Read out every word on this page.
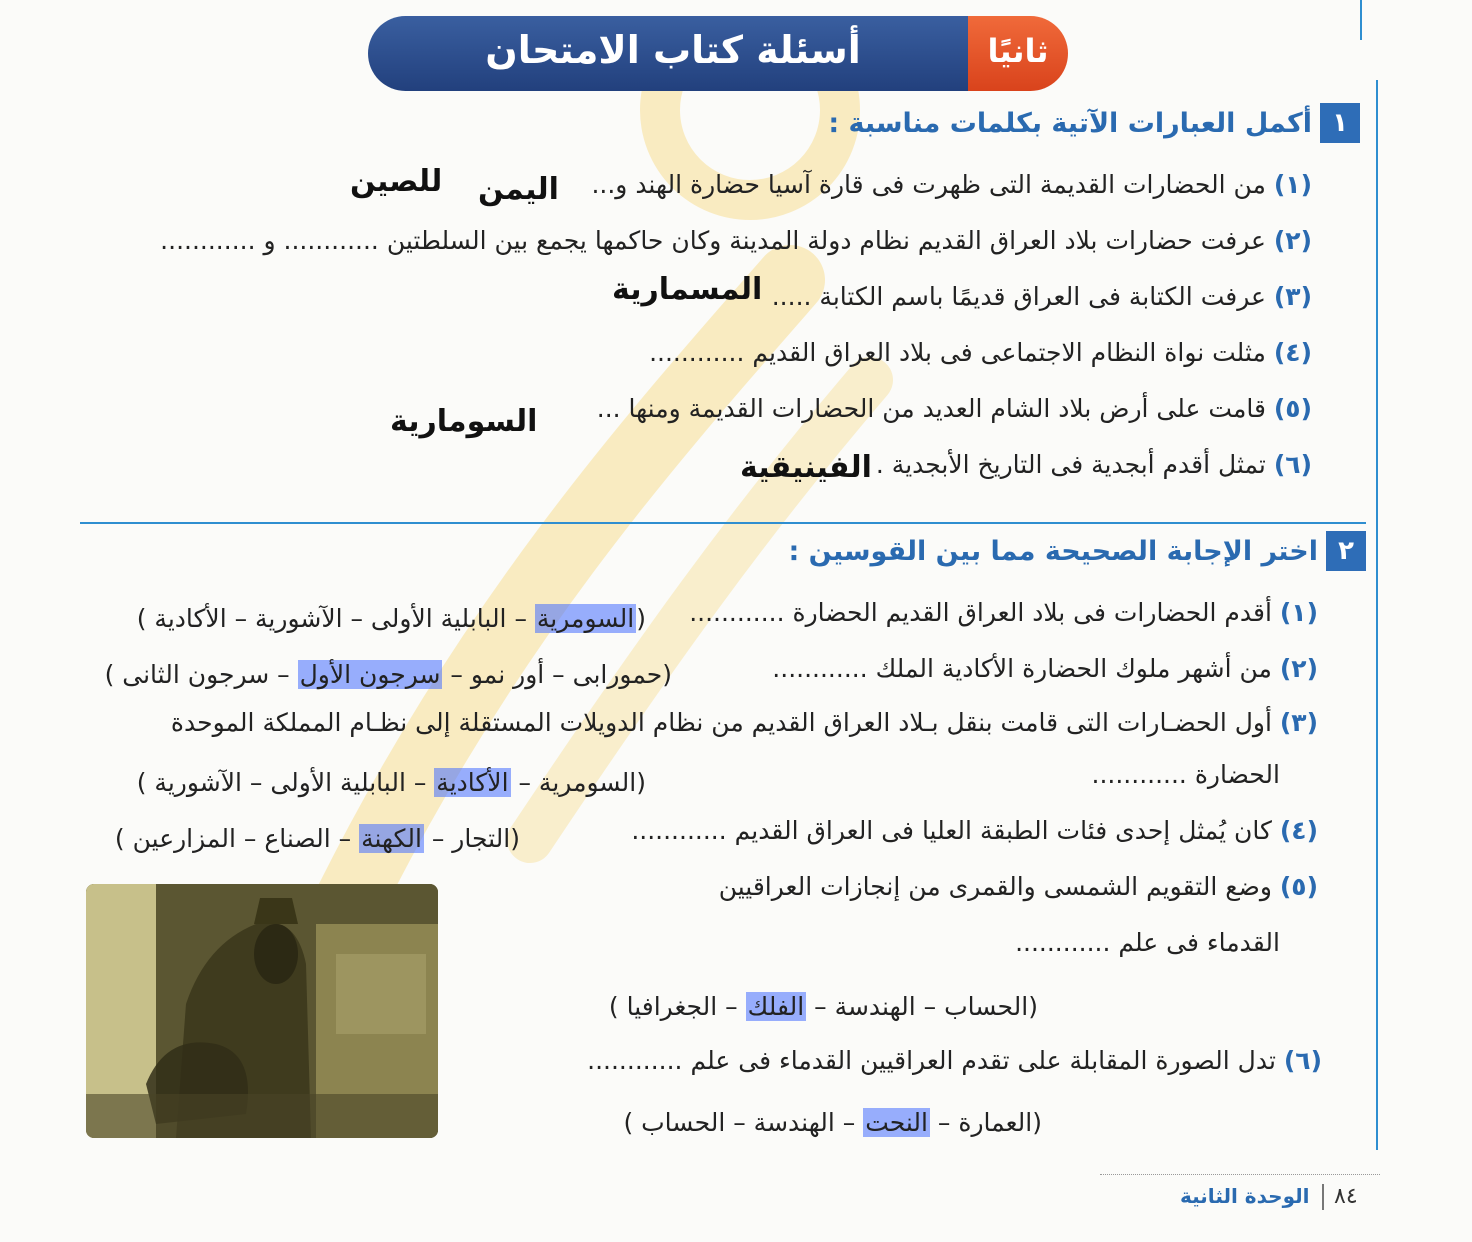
أسئلة كتاب الامتحان	ثانيًا
١
أكمل العبارات الآتية بكلمات مناسبة :
(١) من الحضارات القديمة التى ظهرت فى قارة آسيا حضارة الهند و...
اليمن
للصين
(٢) عرفت حضارات بلاد العراق القديم نظام دولة المدينة وكان حاكمها يجمع بين السلطتين ............ و ............
(٣) عرفت الكتابة فى العراق قديمًا باسم الكتابة .....
المسمارية
(٤) مثلت نواة النظام الاجتماعى فى بلاد العراق القديم ............
(٥) قامت على أرض بلاد الشام العديد من الحضارات القديمة ومنها ...
السومارية
(٦) تمثل أقدم أبجدية فى التاريخ الأبجدية .
الفينيقية
٢
اختر الإجابة الصحيحة مما بين القوسين :
(١) أقدم الحضارات فى بلاد العراق القديم الحضارة ............
(السومرية – البابلية الأولى – الآشورية – الأكادية )
(٢) من أشهر ملوك الحضارة الأكادية الملك ............
(حمورابى – أور نمو – سرجون الأول – سرجون الثانى )
(٣) أول الحضـارات التى قامت بنقل بـلاد العراق القديم من نظام الدويلات المستقلة إلى نظـام المملكة الموحدة
الحضارة ............
(السومرية – الأكادية – البابلية الأولى – الآشورية )
(٤) كان يُمثل إحدى فئات الطبقة العليا فى العراق القديم ............
(التجار – الكهنة – الصناع – المزارعين )
(٥) وضع التقويم الشمسى والقمرى من إنجازات العراقيين
القدماء فى علم ............
(الحساب – الهندسة – الفلك – الجغرافيا )
(٦) تدل الصورة المقابلة على تقدم العراقيين القدماء فى علم ............
(العمارة – النحت – الهندسة – الحساب )
الوحدة الثانية ٨٤
